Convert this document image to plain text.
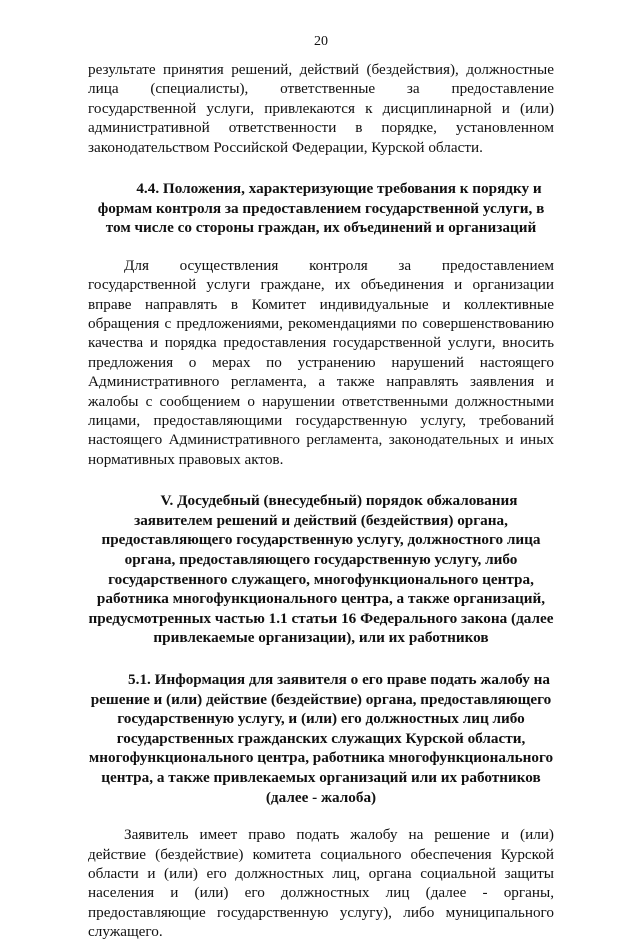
20

результате принятия решений, действий (бездействия), должностные лица (специалисты), ответственные за предоставление государственной услуги, привлекаются к дисциплинарной и (или) административной ответственности в порядке, установленном законодательством Российской Федерации, Курской области.

4.4. Положения, характеризующие требования к порядку и формам контроля за предоставлением государственной услуги, в том числе со стороны граждан, их объединений и организаций

Для осуществления контроля за предоставлением государственной услуги граждане, их объединения и организации вправе направлять в Комитет индивидуальные и коллективные обращения с предложениями, рекомендациями по совершенствованию качества и порядка предоставления государственной услуги, вносить предложения о мерах по устранению нарушений настоящего Административного регламента, а также направлять заявления и жалобы с сообщением о нарушении ответственными должностными лицами, предоставляющими государственную услугу, требований настоящего Административного регламента, законодательных и иных нормативных правовых актов.

V. Досудебный (внесудебный) порядок обжалования заявителем решений и действий (бездействия) органа, предоставляющего государственную услугу, должностного лица органа, предоставляющего государственную услугу, либо государственного служащего, многофункционального центра, работника многофункционального центра, а также организаций, предусмотренных частью 1.1 статьи 16 Федерального закона (далее привлекаемые организации), или их работников
5.1. Информация для заявителя о его праве подать жалобу на решение и (или) действие (бездействие) органа, предоставляющего государственную услугу, и (или) его должностных лиц либо государственных гражданских служащих Курской области, многофункционального центра, работника многофункционального центра, а также привлекаемых организаций или их работников (далее - жалоба)

Заявитель имеет право подать жалобу на решение и (или) действие (бездействие) комитета социального обеспечения Курской области и (или) его должностных лиц, органа социальной защиты населения и (или) его должностных лиц (далее - органы, предоставляющие государственную услугу), либо муниципального служащего.
